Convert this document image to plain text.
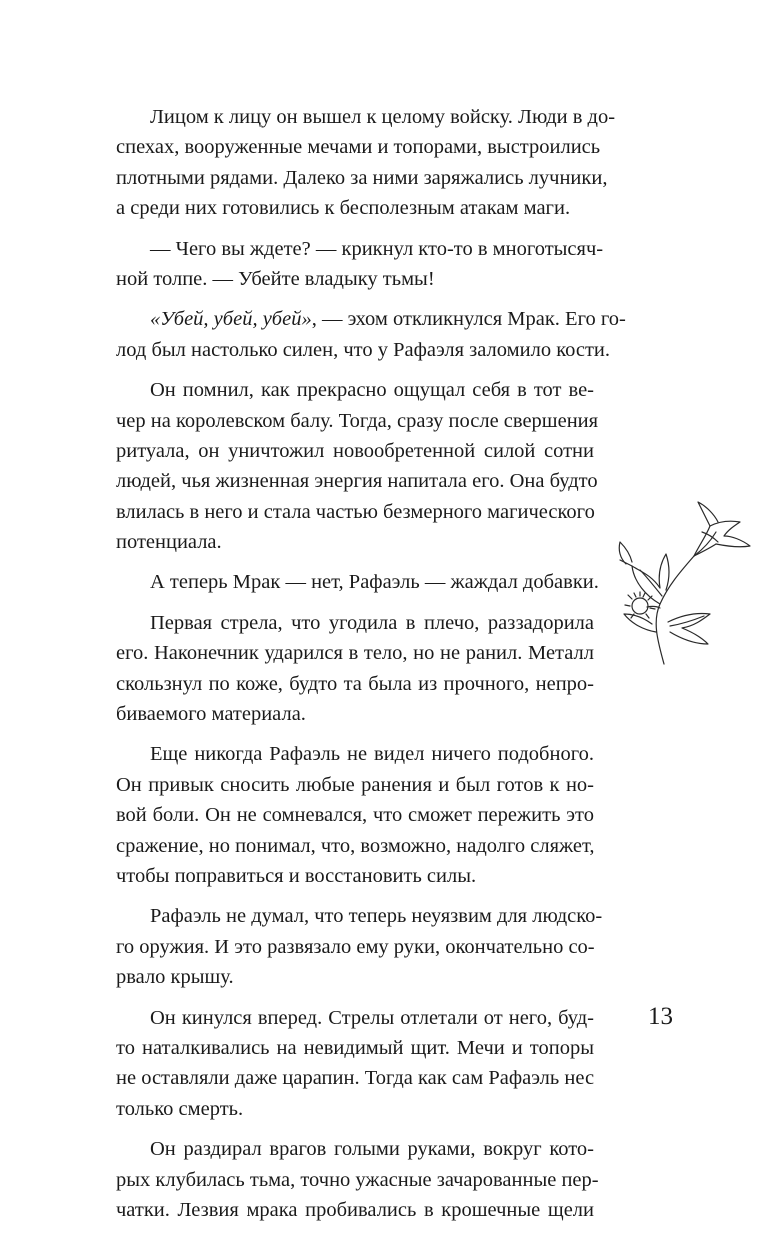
Лицом к лицу он вышел к целому войску. Люди в до-
спехах, вооруженные мечами и топорами, выстроились
плотными рядами. Далеко за ними заряжались лучники,
а среди них готовились к бесполезным атакам маги.
— Чего вы ждете? — крикнул кто-то в многотысяч-
ной толпе. — Убейте владыку тьмы!
«Убей, убей, убей», — эхом откликнулся Мрак. Его го-
лод был настолько силен, что у Рафаэля заломило кости.
Он помнил, как прекрасно ощущал себя в тот ве-
чер на королевском балу. Тогда, сразу после свершения
ритуала, он уничтожил новообретенной силой сотни
людей, чья жизненная энергия напитала его. Она будто
влилась в него и стала частью безмерного магического
потенциала.
А теперь Мрак — нет, Рафаэль — жаждал добавки.
Первая стрела, что угодила в плечо, раззадорила
его. Наконечник ударился в тело, но не ранил. Металл
скользнул по коже, будто та была из прочного, непро-
биваемого материала.
Еще никогда Рафаэль не видел ничего подобного.
Он привык сносить любые ранения и был готов к но-
вой боли. Он не сомневался, что сможет пережить это
сражение, но понимал, что, возможно, надолго сляжет,
чтобы поправиться и восстановить силы.
Рафаэль не думал, что теперь неуязвим для людско-
го оружия. И это развязало ему руки, окончательно со-
рвало крышу.
Он кинулся вперед. Стрелы отлетали от него, буд-
то наталкивались на невидимый щит. Мечи и топоры
не оставляли даже царапин. Тогда как сам Рафаэль нес
только смерть.
Он раздирал врагов голыми руками, вокруг кото-
рых клубилась тьма, точно ужасные зачарованные пер-
чатки. Лезвия мрака пробивались в крошечные щели
13
